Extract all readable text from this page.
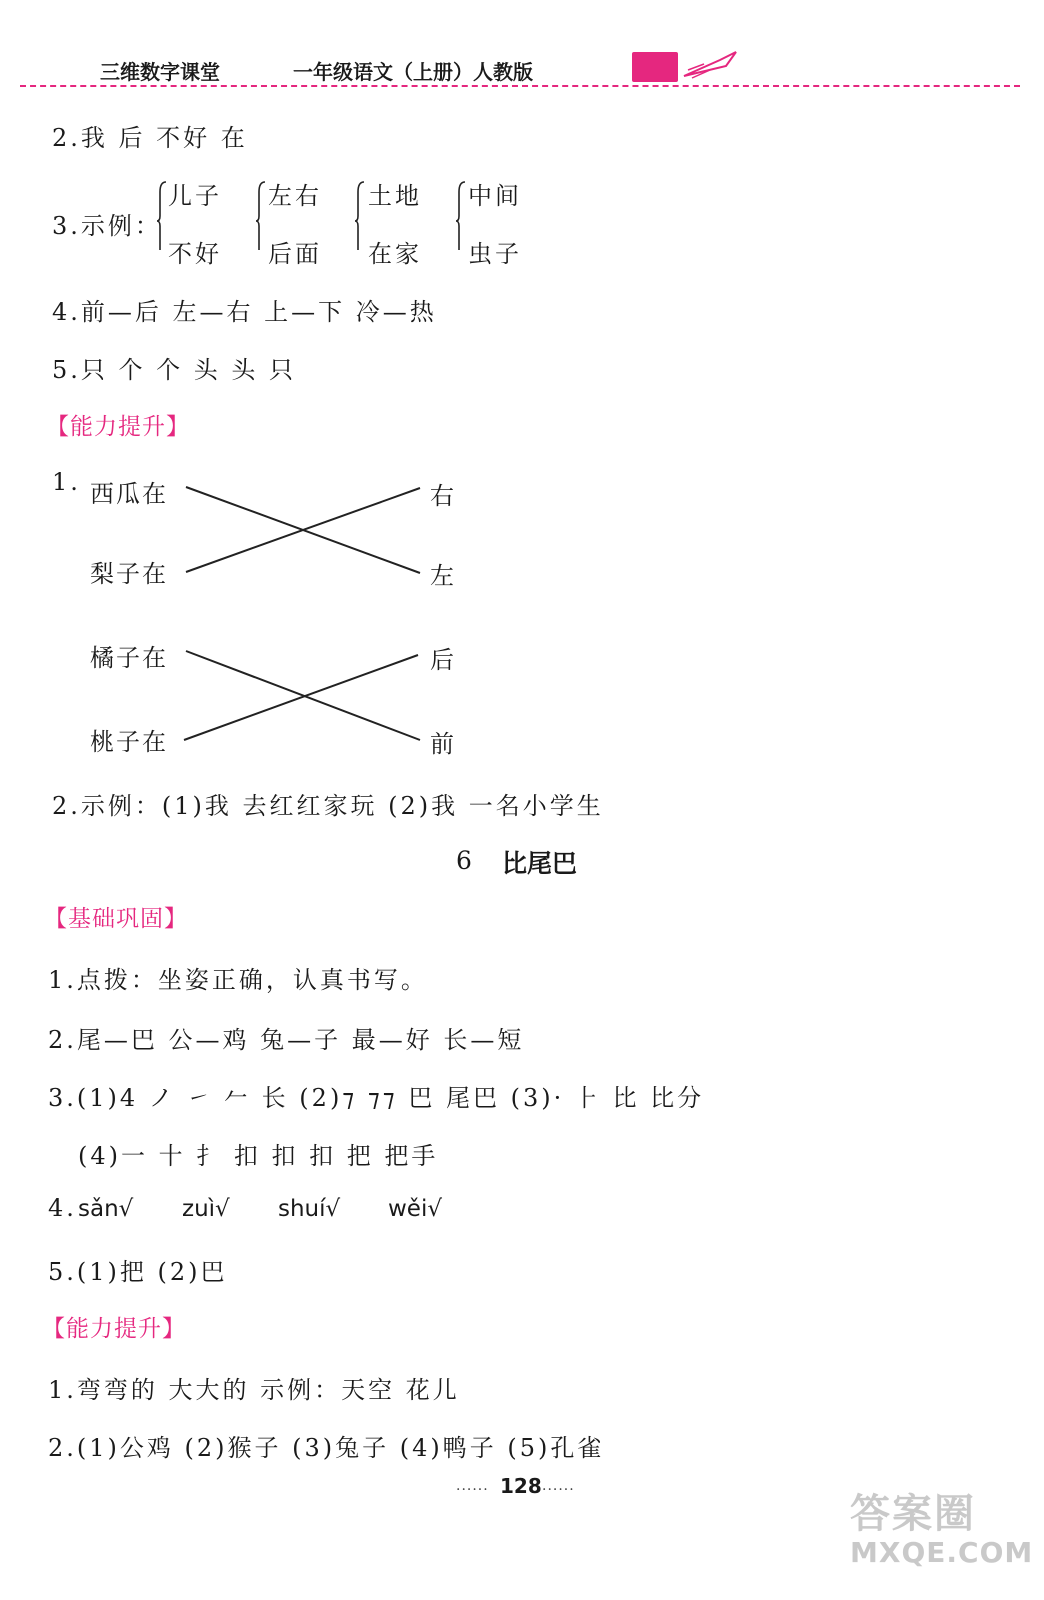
三维数字课堂	一年级语文（上册）人教版
2.我 后 不好 在
3.示例：
儿子
不好
左右
后面
土地
在家
中间
虫子
4.前—后 左—右 上—下 冷—热
5.只 个 个 头 头 只
【能力提升】
1. 西瓜在
梨子在
右
左
橘子在
桃子在
后
前
2.示例：(1)我 去红红家玩 (2)我 一名小学生
6 比尾巴
【基础巩固】
1.点拨：坐姿正确，认真书写。
2.尾—巴 公—鸡 兔—子 最—好 长—短
3.(1)4 ノ ㇀ 𠂉 长 (2)⁊ ⁊⁊ 巴 尾巴 (3)· ⺊ 比 比分
(4)一 十 扌 扣 扣 扣 把 把手
4. sǎn√ zuì√ shuí√ wěi√
5.(1)把 (2)巴
【能力提升】
1.弯弯的 大大的 示例：天空 花儿
2.(1)公鸡 (2)猴子 (3)兔子 (4)鸭子 (5)孔雀
······ 128 ······
答案圈
MXQE.COM
